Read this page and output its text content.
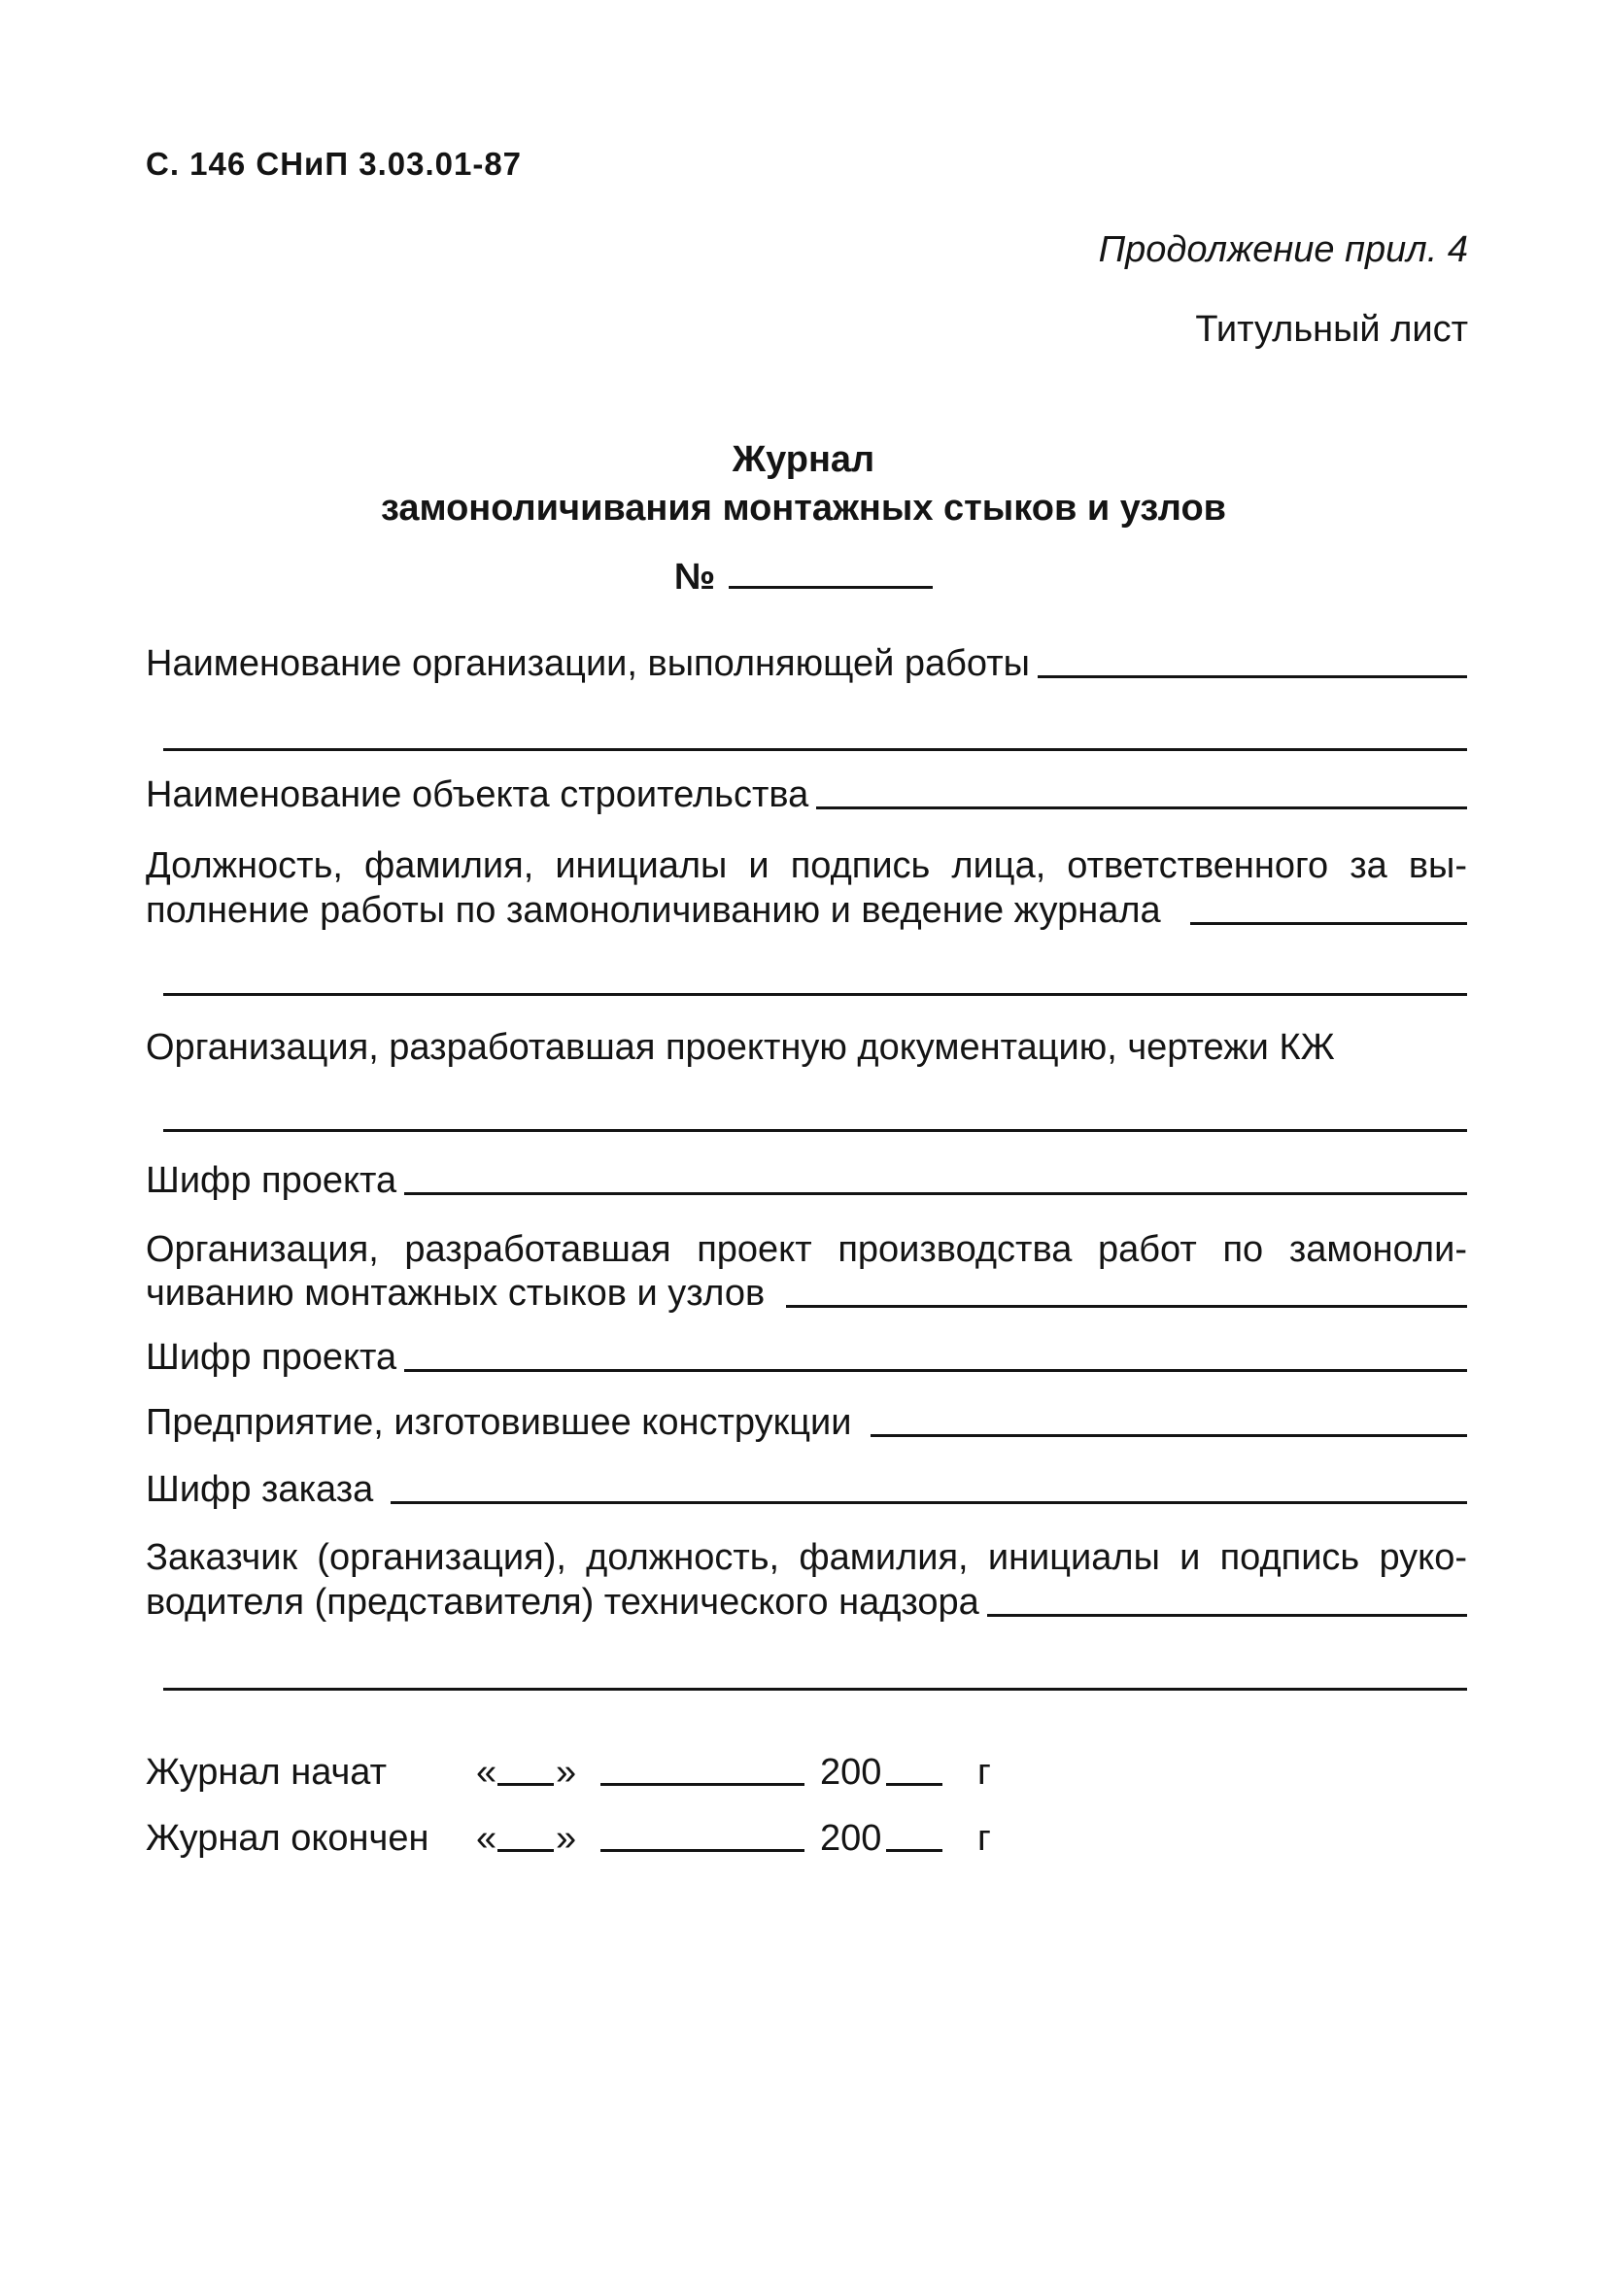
С. 146 СНиП 3.03.01-87
Продолжение прил. 4
Титульный лист
Журнал
замоноличивания монтажных стыков и узлов
№
Наименование организации, выполняющей работы
Наименование объекта строительства
Должность, фамилия, инициалы и подпись лица, ответственного за вы-
полнение работы по замоноличиванию и ведение журнала
Организация, разработавшая проектную документацию, чертежи КЖ
Шифр проекта
Организация, разработавшая проект производства работ по замоноли-
чиванию монтажных стыков и узлов
Шифр проекта
Предприятие, изготовившее конструкции
Шифр заказа
Заказчик (организация), должность, фамилия, инициалы и подпись руко-
водителя (представителя) технического надзора
Журнал начат « »	200	г
Журнал окончен « »	200	г
